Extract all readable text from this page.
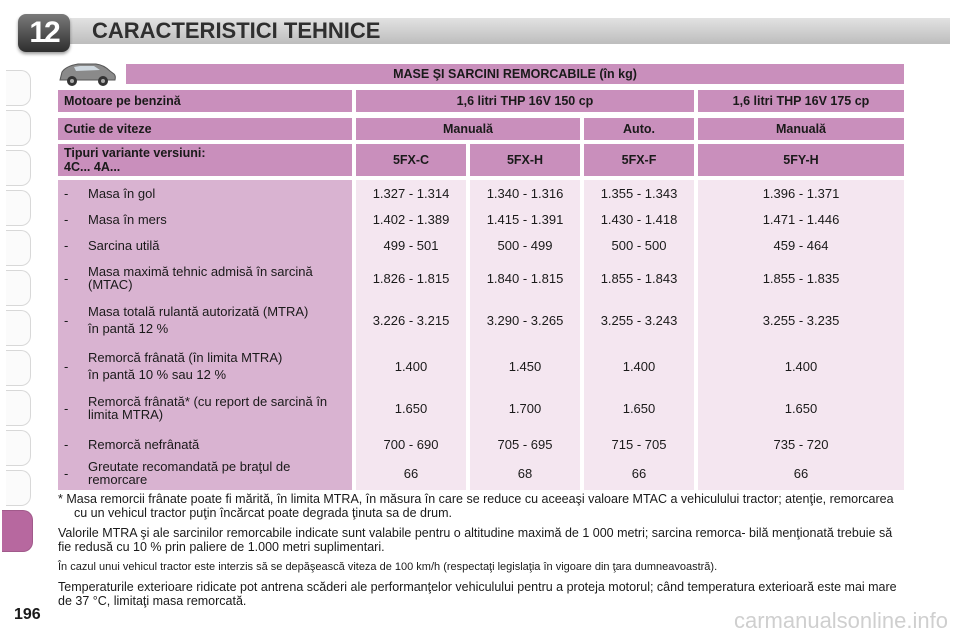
12	CARACTERISTICI TEHNICE
MASE ŞI SARCINI REMORCABILE (în kg)
Motoare pe benzină	1,6 litri THP 16V 150 cp	1,6 litri THP 16V 175 cp
Cutie de viteze	Manuală	Auto.	Manuală
Tipuri variante versiuni:
4C... 4A...	5FX-C	5FX-H	5FX-F	5FY-H
- Masa în gol	1.327 - 1.314	1.340 - 1.316	1.355 - 1.343	1.396 - 1.371
- Masa în mers	1.402 - 1.389	1.415 - 1.391	1.430 - 1.418	1.471 - 1.446
- Sarcina utilă	499 - 501	500 - 499	500 - 500	459 - 464
- Masa maximă tehnic admisă în sarcină (MTAC)	1.826 - 1.815	1.840 - 1.815	1.855 - 1.843	1.855 - 1.835
-
Masa totală rulantă autorizată (MTRA)
în pantă 12 %
3.226 - 3.215	3.290 - 3.265	3.255 - 3.243	3.255 - 3.235
-
Remorcă frânată (în limita MTRA)
în pantă 10 % sau 12 %
1.400	1.450	1.400	1.400
- Remorcă frânată* (cu report de sarcină în limita MTRA)	1.650	1.700	1.650	1.650
- Remorcă nefrânată	700 - 690	705 - 695	715 - 705	735 - 720
- Greutate recomandată pe braţul de remorcare	66	68	66	66

* Masa remorcii frânate poate fi mărită, în limita MTRA, în măsura în care se reduce cu aceeaşi valoare MTAC a vehiculului tractor; atenţie, remorcarea cu un vehicul tractor puţin încărcat poate degrada ţinuta sa de drum.

Valorile MTRA şi ale sarcinilor remorcabile indicate sunt valabile pentru o altitudine maximă de 1 000 metri; sarcina remorca- bilă menţionată trebuie să fie redusă cu 10 % prin paliere de 1.000 metri suplimentari.

În cazul unui vehicul tractor este interzis să se depăşească viteza de 100 km/h (respectaţi legislaţia în vigoare din ţara dumneavoastră).

Temperaturile exterioare ridicate pot antrena scăderi ale performanţelor vehiculului pentru a proteja motorul; când temperatura exterioară este mai mare de 37 °C, limitaţi masa remorcată.

196	carmanualsonline.info
